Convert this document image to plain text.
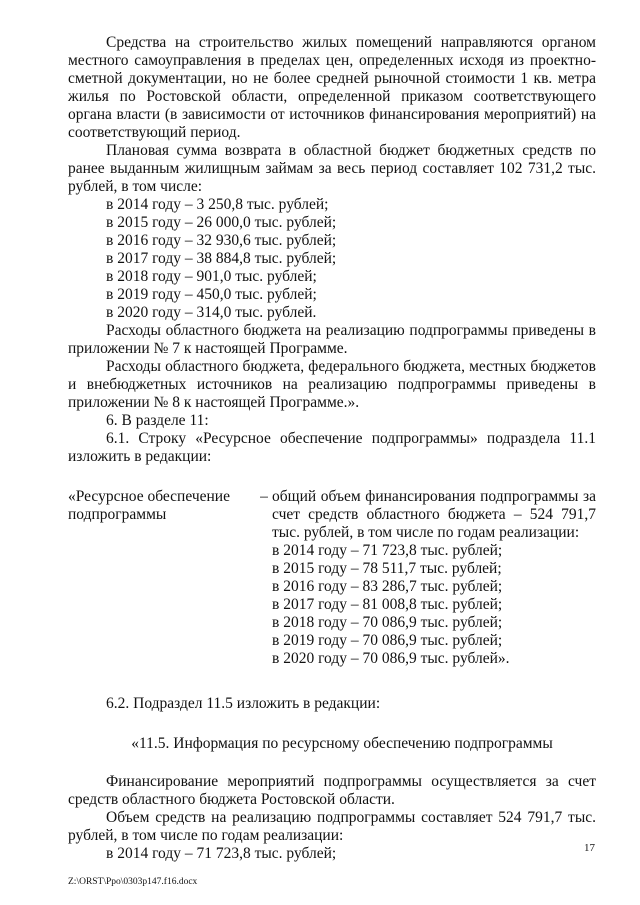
Средства на строительство жилых помещений направляются органом местного самоуправления в пределах цен, определенных исходя из проектно-сметной документации, но не более средней рыночной стоимости 1 кв. метра жилья по Ростовской области, определенной приказом соответствующего органа власти (в зависимости от источников финансирования мероприятий) на соответствующий период.

Плановая сумма возврата в областной бюджет бюджетных средств по ранее выданным жилищным займам за весь период составляет 102 731,2 тыс. рублей, в том числе:

в 2014 году – 3 250,8 тыс. рублей;

в 2015 году – 26 000,0 тыс. рублей;

в 2016 году – 32 930,6 тыс. рублей;

в 2017 году – 38 884,8 тыс. рублей;

в 2018 году – 901,0 тыс. рублей;

в 2019 году – 450,0 тыс. рублей;

в 2020 году – 314,0 тыс. рублей.

Расходы областного бюджета на реализацию подпрограммы приведены в приложении № 7 к настоящей Программе.

Расходы областного бюджета, федерального бюджета, местных бюджетов и внебюджетных источников на реализацию подпрограммы приведены в приложении № 8 к настоящей Программе.».

6. В разделе 11:

6.1. Строку «Ресурсное обеспечение подпрограммы» подраздела 11.1 изложить в редакции:

«Ресурсное обеспечение подпрограммы
– общий объем финансирования подпрограммы за счет средств областного бюджета – 524 791,7 тыс. рублей, в том числе по годам реализации:

в 2014 году – 71 723,8 тыс. рублей;

в 2015 году – 78 511,7 тыс. рублей;

в 2016 году – 83 286,7 тыс. рублей;

в 2017 году – 81 008,8 тыс. рублей;

в 2018 году – 70 086,9 тыс. рублей;

в 2019 году – 70 086,9 тыс. рублей;

в 2020 году – 70 086,9 тыс. рублей».

6.2. Подраздел 11.5 изложить в редакции:

«11.5. Информация по ресурсному обеспечению подпрограммы

Финансирование мероприятий подпрограммы осуществляется за счет средств областного бюджета Ростовской области.

Объем средств на реализацию подпрограммы составляет 524 791,7 тыс. рублей, в том числе по годам реализации:

в 2014 году – 71 723,8 тыс. рублей;	17
Z:\ORST\Ppo\0303p147.f16.docx
